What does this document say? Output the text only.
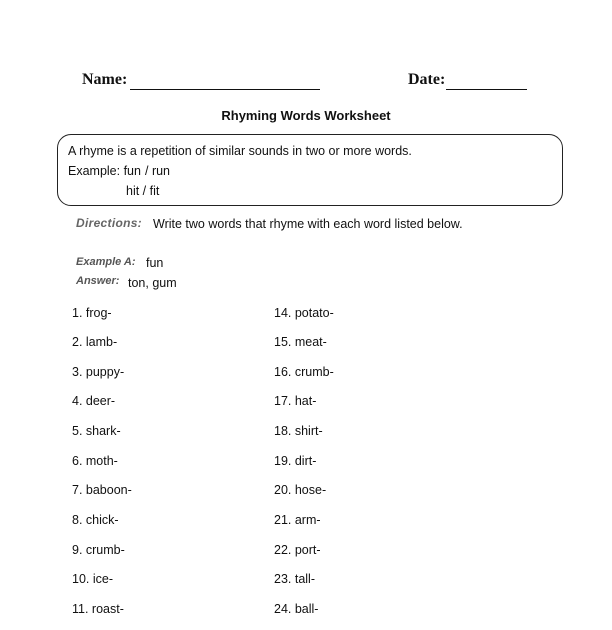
Name:	Date:
Rhyming Words Worksheet
A rhyme is a repetition of similar sounds in two or more words.
Example: fun / run
hit / fit
Directions: Write two words that rhyme with each word listed below.
Example A: fun
Answer: ton, gum
1. frog-
2. lamb-
3. puppy-
4. deer-
5. shark-
6. moth-
7. baboon-
8. chick-
9. crumb-
10. ice-
11. roast-
14. potato-
15. meat-
16. crumb-
17. hat-
18. shirt-
19. dirt-
20. hose-
21. arm-
22. port-
23. tall-
24. ball-
